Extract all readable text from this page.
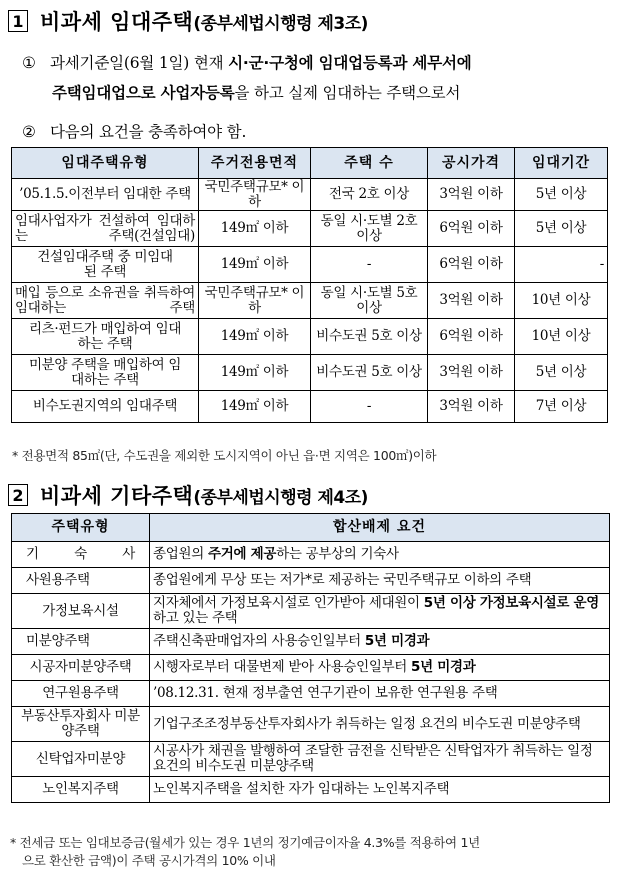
1 비과세 임대주택(종부세법시행령 제3조)
① 과세기준일(6월 1일) 현재 시·군·구청에 임대업등록과 세무서에
주택임대업으로 사업자등록을 하고 실제 임대하는 주택으로서
② 다음의 요건을 충족하여야 함.
임대주택유형	주거전용면적	주택 수	공시가격	임대기간
’05.1.5.이전부터 임대한 주택	국민주택규모* 이하	전국 2호 이상	3억원 이하	5년 이상
임대사업자가 건설하여 임대하는 주택(건설임대)	149㎡ 이하	동일 시·도별 2호 이상	6억원 이하	5년 이상
건설임대주택 중 미임대된 주택	149㎡ 이하	-	6억원 이하	-
매입 등으로 소유권을 취득하여 임대하는 주택	국민주택규모* 이하	동일 시·도별 5호 이상	3억원 이하	10년 이상
리츠·펀드가 매입하여 임대하는 주택	149㎡ 이하	비수도권 5호 이상	6억원 이하	10년 이상
미분양 주택을 매입하여 임대하는 주택	149㎡ 이하	비수도권 5호 이상	3억원 이하	5년 이상
비수도권지역의 임대주택	149㎡ 이하	-	3억원 이하	7년 이상
* 전용면적 85㎡(단, 수도권을 제외한 도시지역이 아닌 읍·면 지역은 100㎡)이하
2 비과세 기타주택(종부세법시행령 제4조)
주택유형	합산배제 요건
기 숙 사	종업원의 주거에 제공하는 공부상의 기숙사
사원용주택	종업원에게 무상 또는 저가*로 제공하는 국민주택규모 이하의 주택
가정보육시설	지자체에서 가정보육시설로 인가받아 세대원이 5년 이상 가정보육시설로 운영하고 있는 주택
미분양주택	주택신축판매업자의 사용승인일부터 5년 미경과
시공자미분양주택	시행자로부터 대물변제 받아 사용승인일부터 5년 미경과
연구원용주택	’08.12.31. 현재 정부출연 연구기관이 보유한 연구원용 주택
부동산투자회사 미분양주택	기업구조조정부동산투자회사가 취득하는 일정 요건의 비수도권 미분양주택
신탁업자미분양	시공사가 채권을 발행하여 조달한 금전을 신탁받은 신탁업자가 취득하는 일정 요건의 비수도권 미분양주택
노인복지주택	노인복지주택을 설치한 자가 임대하는 노인복지주택
* 전세금 또는 임대보증금(월세가 있는 경우 1년의 정기예금이자율 4.3%를 적용하여 1년
으로 환산한 금액)이 주택 공시가격의 10% 이내
